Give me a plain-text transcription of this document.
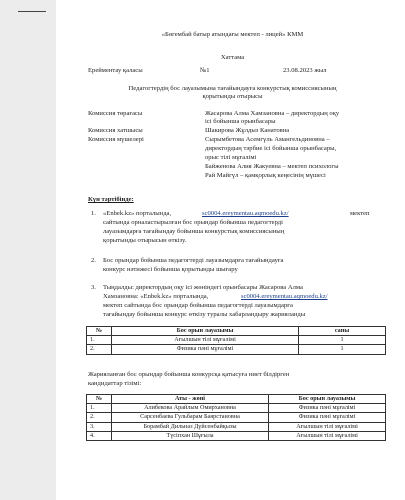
«Бөгембай батыр атындағы мектеп - лицей» КММ
Хаттама
Ерейментау қаласы	№1	23.08.2023 жыл
Педагогтердің бос лауазымына тағайындауға конкурстық комиссиясының
қорытынды отырысы
Комиссия төрағасы	Жасарова Алма Хамзановна – директордың оқу
ісі бойынша орынбасары
Комиссия хатшысы	Шакирова Жұлдыз Канатовна
Комиссия мүшелері	Сырымбетова Асемгүль Амангельдиновна –
директордың тәрбие ісі бойынша орынбасары,
орыс тілі мұғалімі
Байженова Алия Жакуевна – мектеп психологы
Рай Майгүл – қамқорлық кеңесінің мүшесі
Күн тәртібінде:
1. «Enbek.kz» порталында,	sc0004.ereymentau.aqmoedu.kz/	мектеп
сайтында орналастырылған бос орындар бойынша педагогтерді
лауазымдарға тағайындау бойынша конкурстық комиссиясының
қорытынды отырысын өткізу.
2. Бос орындар бойынша педагогтерді лауазымдарға тағайындауға
конкурс нәтижесі бойынша қорытынды шығару
3. Тыңдалды: директордың оқу ісі жөніндегі орынбасары Жасарова Алма
Хамзановна: «Enbek.kz» порталында,	sc0004.ereymentau.aqmoedu.kz/
мектеп сайтында бос орындар бойынша педагогтерді лауазымдарға
тағайындау бойынша конкурс өткізу туралы хабарландыру жарияланды
№	Бос орын лауазымы	саны
1.	Ағылшын тілі мұғалімі	1
2.	Физика пәні мұғалімі	1
Жарияланған бос орындар бойынша конкурсқа қатысуға ниет білдірген
кандидаттар тізімі:
№	Аты - жөні	Бос орын лауазымы
1.	Алибекова Арайлым Омирхановна	Физика пәні мұғалімі
2.	Сарсенбаева Гульбарам Баярстановна	Физика пәні мұғалімі
3.	Борамбай Дильназ Дүйсенбайқызы	Ағылшын тілі мұғалімі
4.	Түсіпхан Шұғыла	Ағылшын тілі мұғалімі
